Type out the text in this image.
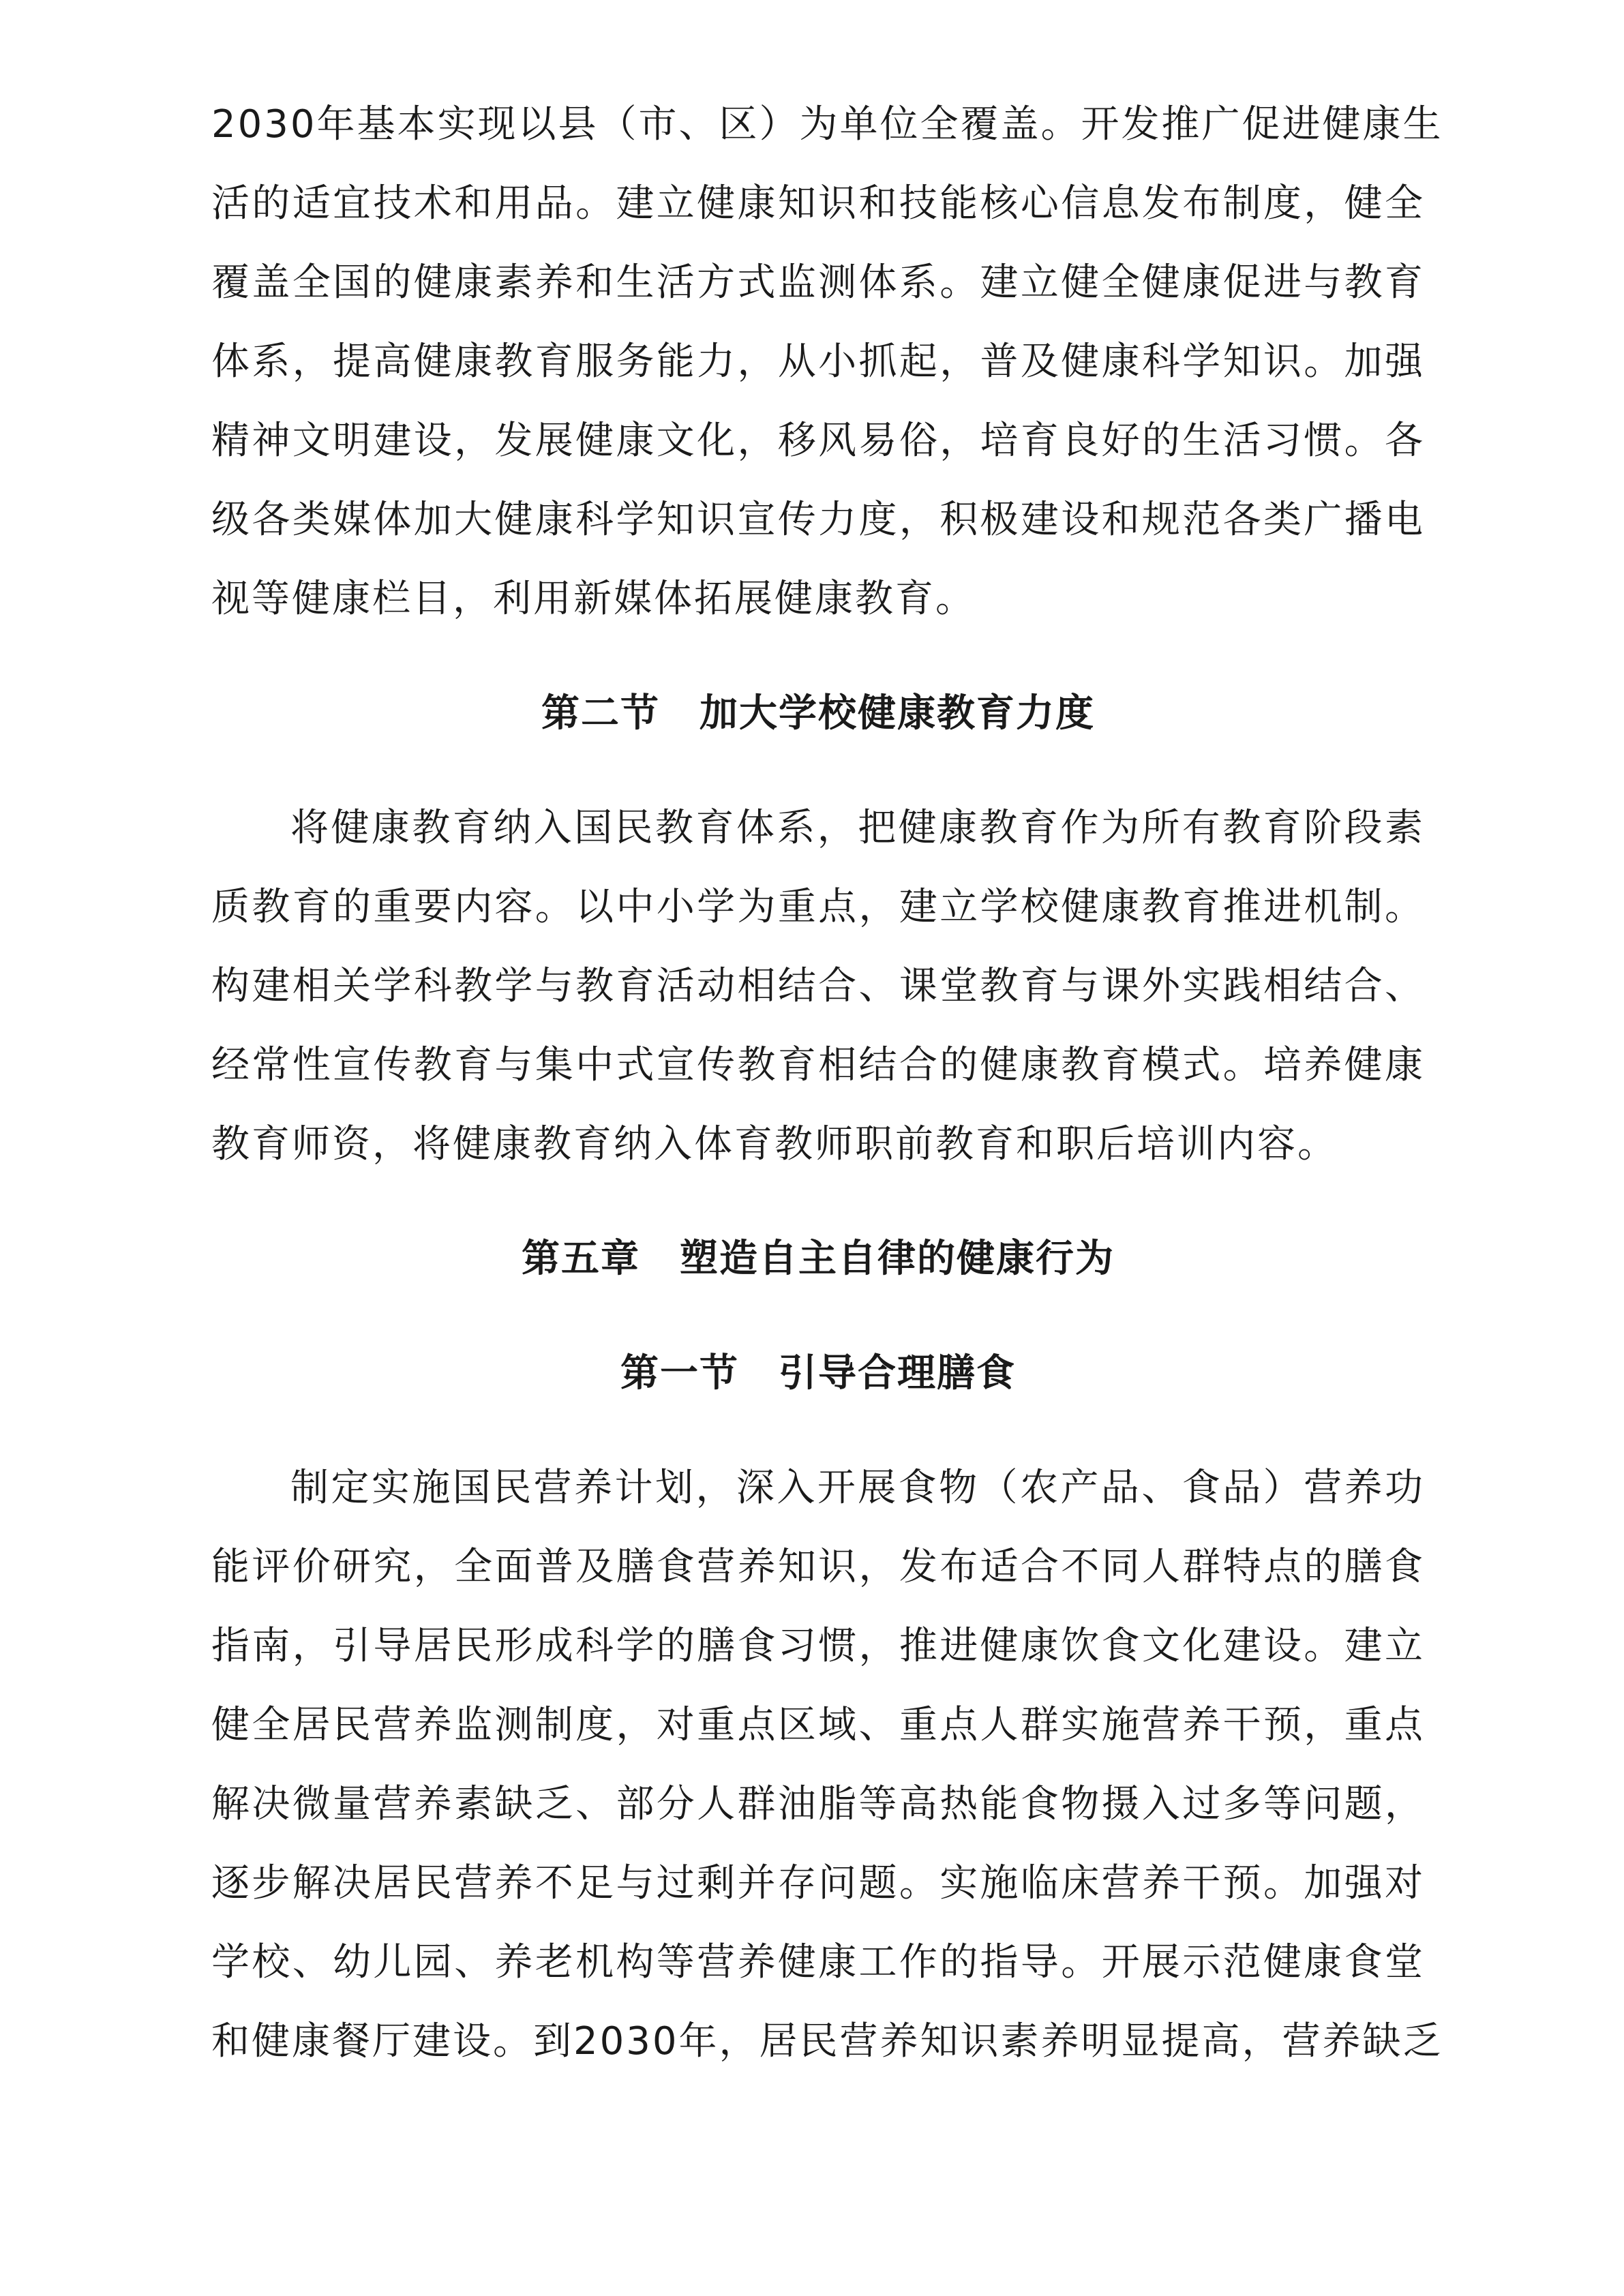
2030年基本实现以县（市、区）为单位全覆盖。开发推广促进健康生
活的适宜技术和用品。建立健康知识和技能核心信息发布制度，健全
覆盖全国的健康素养和生活方式监测体系。建立健全健康促进与教育
体系，提高健康教育服务能力，从小抓起，普及健康科学知识。加强
精神文明建设，发展健康文化，移风易俗，培育良好的生活习惯。各
级各类媒体加大健康科学知识宣传力度，积极建设和规范各类广播电
视等健康栏目，利用新媒体拓展健康教育。
第二节　加大学校健康教育力度
将健康教育纳入国民教育体系，把健康教育作为所有教育阶段素
质教育的重要内容。以中小学为重点，建立学校健康教育推进机制。
构建相关学科教学与教育活动相结合、课堂教育与课外实践相结合、
经常性宣传教育与集中式宣传教育相结合的健康教育模式。培养健康
教育师资，将健康教育纳入体育教师职前教育和职后培训内容。
第五章　塑造自主自律的健康行为
第一节　引导合理膳食
制定实施国民营养计划，深入开展食物（农产品、食品）营养功
能评价研究，全面普及膳食营养知识，发布适合不同人群特点的膳食
指南，引导居民形成科学的膳食习惯，推进健康饮食文化建设。建立
健全居民营养监测制度，对重点区域、重点人群实施营养干预，重点
解决微量营养素缺乏、部分人群油脂等高热能食物摄入过多等问题，
逐步解决居民营养不足与过剩并存问题。实施临床营养干预。加强对
学校、幼儿园、养老机构等营养健康工作的指导。开展示范健康食堂
和健康餐厅建设。到2030年，居民营养知识素养明显提高，营养缺乏
